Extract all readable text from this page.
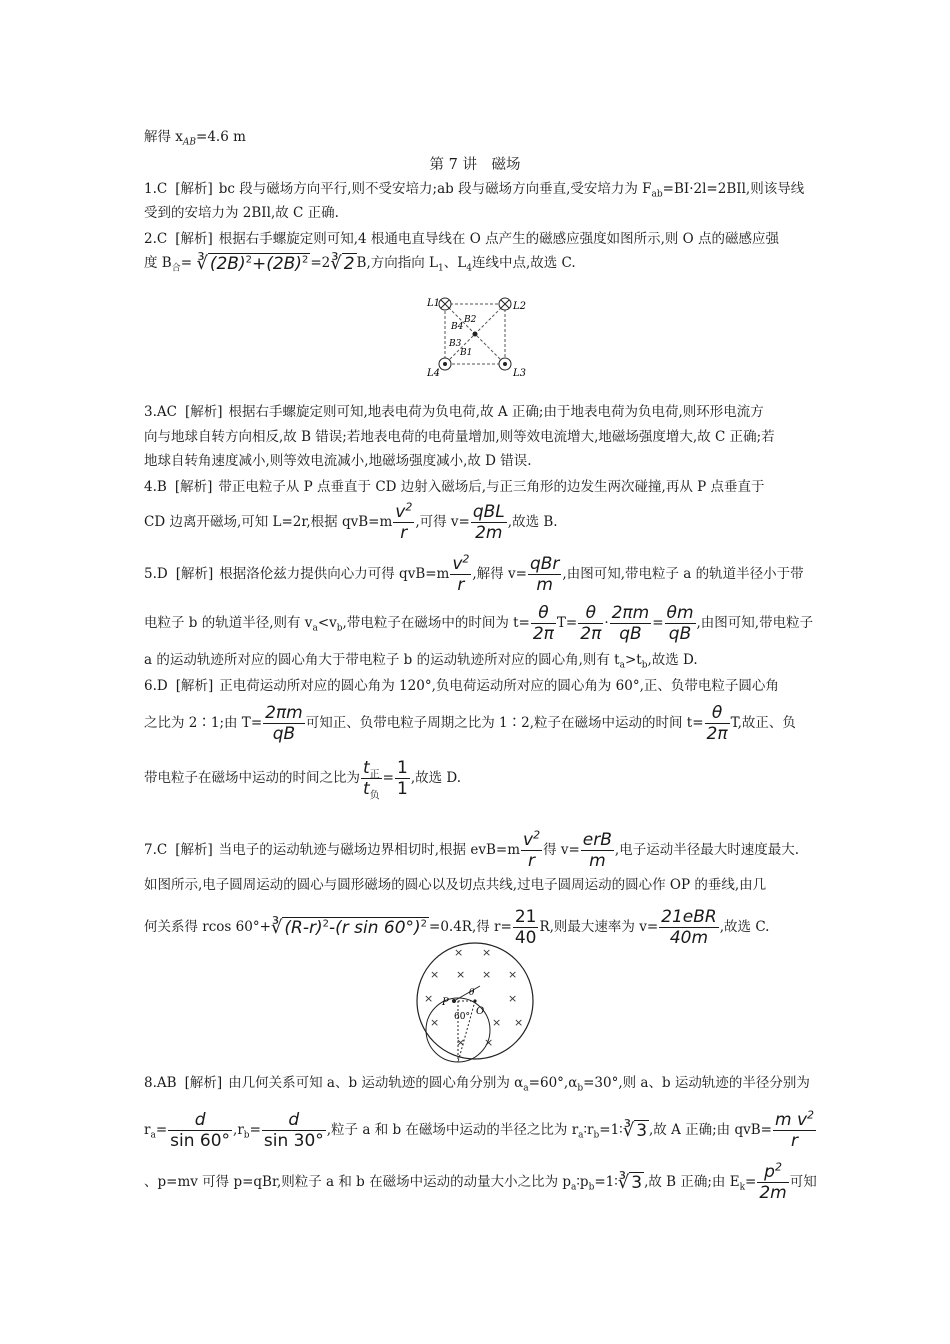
解得 $x_{AB}=4.6$ m
第 7 讲　磁场
1.C [解析] bc 段与磁场方向平行,则不受安培力;ab 段与磁场方向垂直,受安培力为 $F_{ab}=BI\cdot 2l=2BIl$,则该导线
受到的安培力为 2BIl,故 C 正确.
2.C [解析] 根据右手螺旋定则可知,4 根通电直导线在 O 点产生的磁感应强度如图所示,则 O 点的磁感应强
度 $B_合=$ ∛ $(2B)^2+(2B)^2$ =2∛ 2 B,方向指向 $L_1$、$L_4$连线中点,故选 C.
L1	L2
L3
L4
B2
B4
B3
B1
3.AC [解析] 根据右手螺旋定则可知,地表电荷为负电荷,故 A 正确;由于地表电荷为负电荷,则环形电流方
向与地球自转方向相反,故 B 错误;若地表电荷的电荷量增加,则等效电流增大,地磁场强度增大,故 C 正确;若
地球自转角速度减小,则等效电流减小,地磁场强度减小,故 D 错误.
4.B [解析] 带正电粒子从 P 点垂直于 CD 边射入磁场后,与正三角形的边发生两次碰撞,再从 P 点垂直于
CD 边离开磁场,可知 L=2r,根据 $qvB=m \frac{v^2}{r}$ ,可得 $v= \frac{\text{qBL}}{2m}$ ,故选 B.
5.D [解析] 根据洛伦兹力提供向心力可得 $qvB=m \frac{v^2}{r}$ ,解得 $v= \frac{\text{qBr}}{m}$ ,由图可知,带电粒子 a 的轨道半径小于带
电粒子 b 的轨道半径,则有 $v_a<v_b$,带电粒子在磁场中的时间为 $t= \frac{\theta}{2\pi} T= \frac{\theta}{2\pi} \cdot \frac{2\pi m}{qB} = \frac{\theta m}{qB}$ ,由图可知,带电粒子
a 的运动轨迹所对应的圆心角大于带电粒子 b 的运动轨迹所对应的圆心角,则有 $t_a>t_b$,故选 D.
6.D [解析] 正电荷运动所对应的圆心角为 120°,负电荷运动所对应的圆心角为 60°,正、负带电粒子圆心角
之比为 2∶1;由 $T= \frac{2\pi m}{qB}$ 可知正、负带电粒子周期之比为 1∶2,粒子在磁场中运动的时间 $t= \frac{\theta}{2\pi} T$,故正、负
带电粒子在磁场中运动的时间之比为 $\frac{t_正}{t_负} = \frac{1}{1}$ ,故选 D.
7.C [解析] 当电子的运动轨迹与磁场边界相切时,根据 $evB=m \frac{v^2}{r}$ 得 $v= \frac{\text{erB}}{m}$ ,电子运动半径最大时速度最大.
如图所示,电子圆周运动的圆心与圆形磁场的圆心以及切点共线,过电子圆周运动的圆心作 OP 的垂线,由几
何关系得 rcos 60°+∛ $(R-r)^2-(r$ sin 60°)$^2$ =0.4R,得 $r= \frac{21}{40} R$,则最大速率为 $v= \frac{\text{21eBR}}{40m}$ ,故选 C.
× ×
× × × ×
×	×
×	× ×
× ×
P
θ
O
60°
8.AB [解析] 由几何关系可知 a、b 运动轨迹的圆心角分别为 $\alpha_a=60^\circ,\alpha_b=30^\circ$,则 a、b 运动轨迹的半径分别为
$r_a= \frac{d}{\sin 60^\circ} ,r_b= \frac{d}{\sin 30^\circ}$ ,粒子 a 和 b 在磁场中运动的半径之比为 $r_a∶r_b=1∶∛$ 3 ,故 A 正确;由 $qvB= \frac{m v^2}{r}$
、p=mv 可得 p=qBr,则粒子 a 和 b 在磁场中运动的动量大小之比为 $p_a∶p_b=1∶∛$ 3 ,故 B 正确;由 $E_k= \frac{p^2}{2m}$ 可知
